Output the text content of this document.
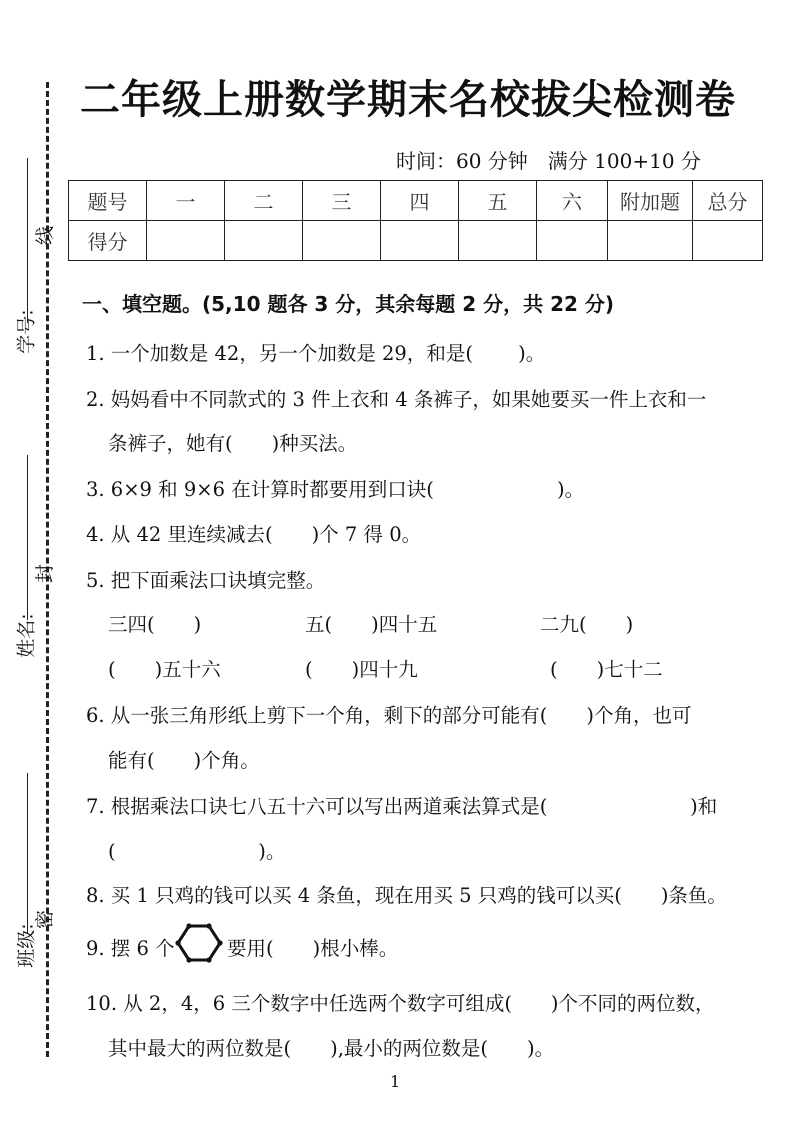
学号:
姓名:
班级:
线
封
密
二年级上册数学期末名校拔尖检测卷
时间：60 分钟　满分 100+10 分
题号	一	二	三	四	五	六	附加题	总分
得分								
一、填空题。(5,10 题各 3 分，其余每题 2 分，共 22 分)
1. 一个加数是 42，另一个加数是 29，和是(　　 )。
2. 妈妈看中不同款式的 3 件上衣和 4 条裤子，如果她要买一件上衣和一
条裤子，她有(　　)种买法。
3. 6×9 和 9×6 在计算时都要用到口诀(　　　　　　 )。
4. 从 42 里连续减去(　　)个 7 得 0。
5. 把下面乘法口诀填完整。
三四(　　)	五(　　)四十五	二九(　　)
(　　)五十六	(　　)四十九	(　　)七十二
6. 从一张三角形纸上剪下一个角，剩下的部分可能有(　　)个角，也可
能有(　　)个角。
7. 根据乘法口诀七八五十六可以写出两道乘法算式是(　　　　　　　 )和
(　　　　　　　 )。
8. 买 1 只鸡的钱可以买 4 条鱼，现在用买 5 只鸡的钱可以买(　　)条鱼。
9. 摆 6 个	要用(　　)根小棒。
10. 从 2，4，6 三个数字中任选两个数字可组成(　　)个不同的两位数，
其中最大的两位数是(　　),最小的两位数是(　　)。
1
